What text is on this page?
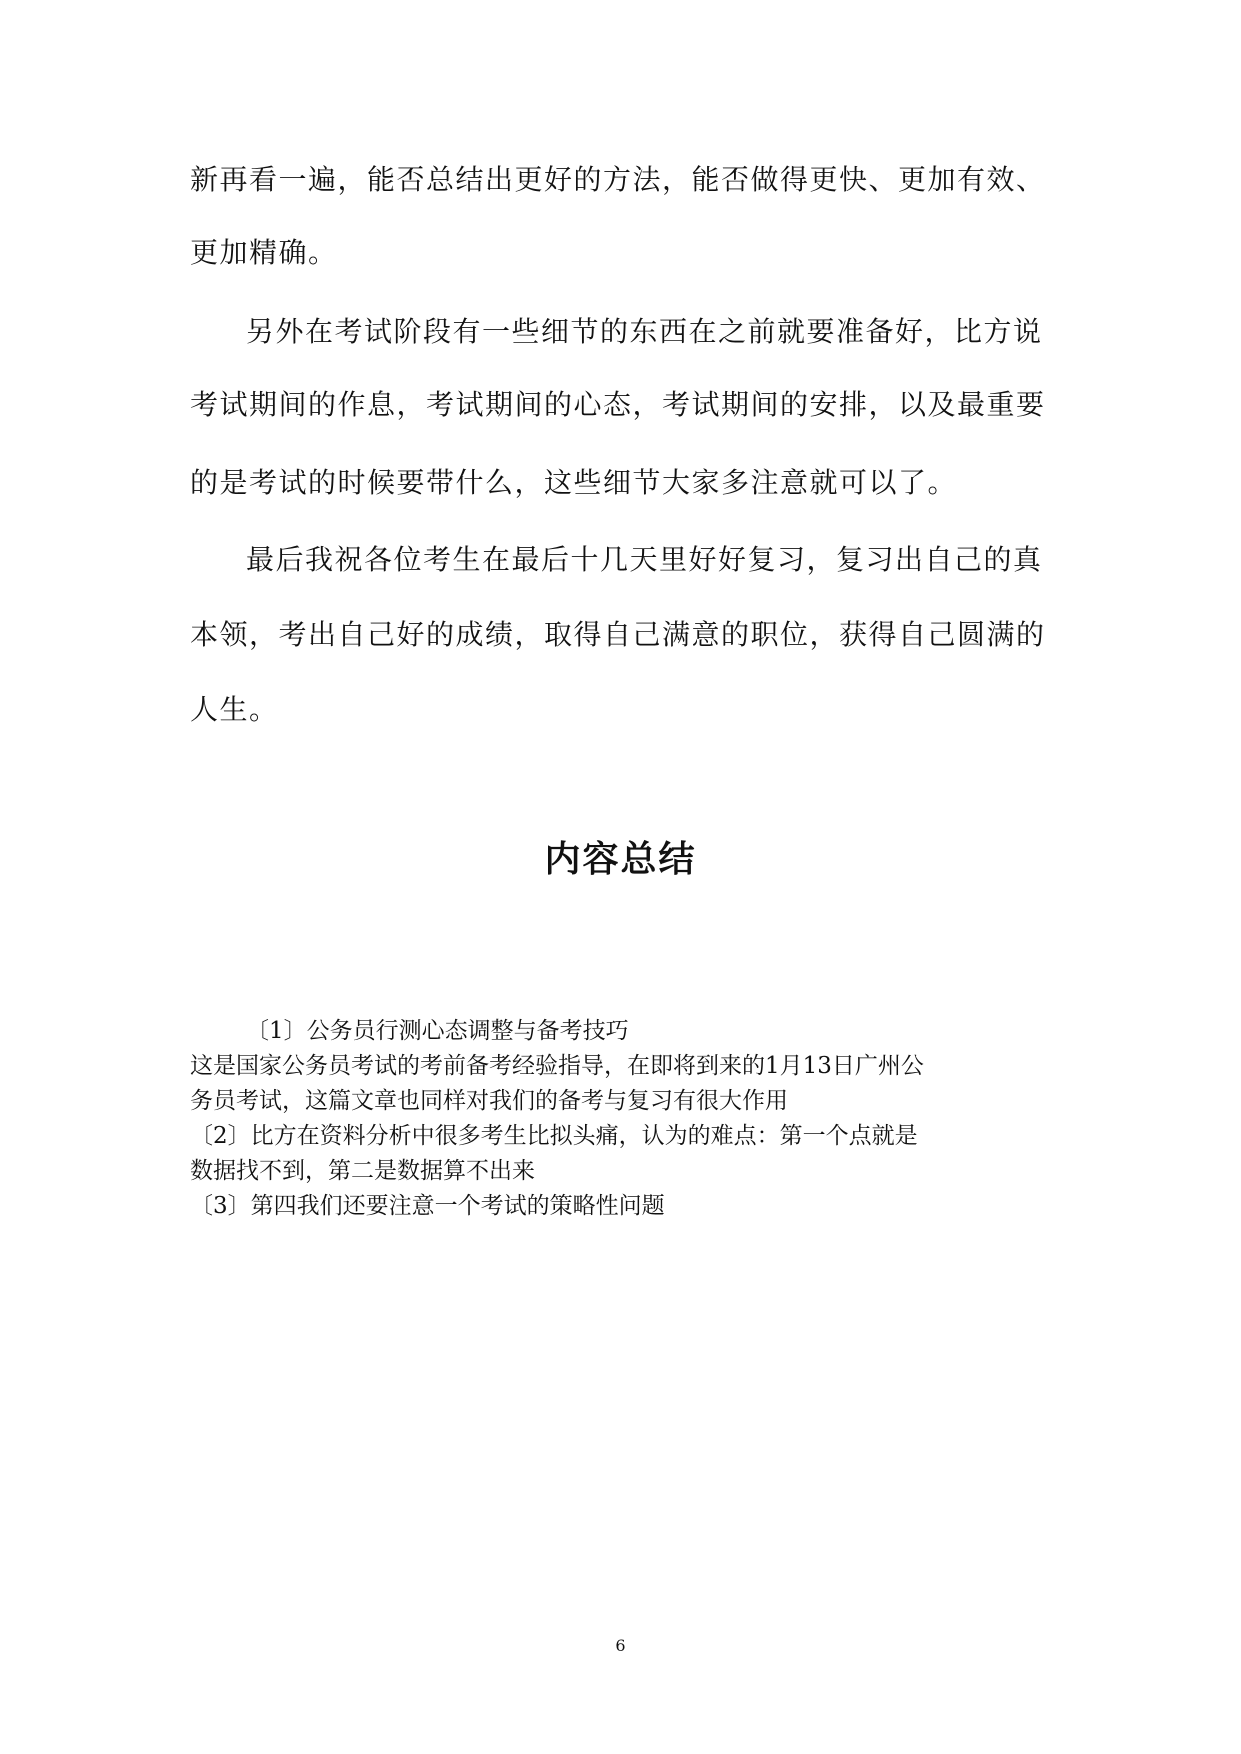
新再看一遍，能否总结出更好的方法，能否做得更快、更加有效、
更加精确。
另外在考试阶段有一些细节的东西在之前就要准备好，比方说
考试期间的作息，考试期间的心态，考试期间的安排，以及最重要
的是考试的时候要带什么，这些细节大家多注意就可以了。
最后我祝各位考生在最后十几天里好好复习，复习出自己的真
本领，考出自己好的成绩，取得自己满意的职位，获得自己圆满的
人生。
内容总结
〔1〕公务员行测心态调整与备考技巧
这是国家公务员考试的考前备考经验指导，在即将到来的1月13日广州公
务员考试，这篇文章也同样对我们的备考与复习有很大作用
〔2〕比方在资料分析中很多考生比拟头痛，认为的难点：第一个点就是
数据找不到，第二是数据算不出来
〔3〕第四我们还要注意一个考试的策略性问题
6
